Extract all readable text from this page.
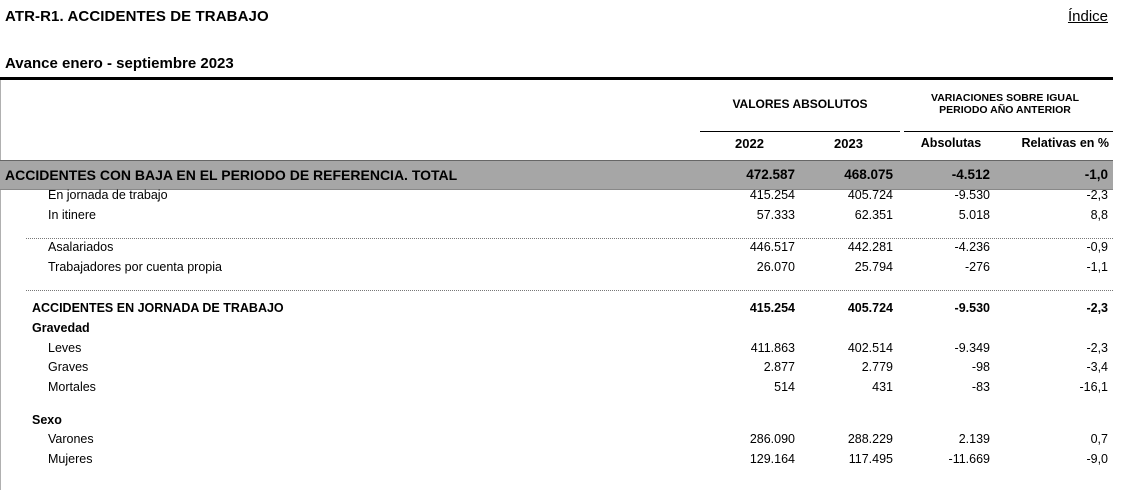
ATR-R1. ACCIDENTES DE TRABAJO	Índice
Avance enero - septiembre 2023
VALORES ABSOLUTOS	VARIACIONES SOBRE IGUAL
PERIODO AÑO ANTERIOR
2022	2023	Absolutas	Relativas en %
ACCIDENTES CON BAJA EN EL PERIODO DE REFERENCIA. TOTAL	472.587	468.075	-4.512	-1,0
En jornada de trabajo	415.254	405.724	-9.530	-2,3
In itinere	57.333	62.351	5.018	8,8
Asalariados	446.517	442.281	-4.236	-0,9
Trabajadores por cuenta propia	26.070	25.794	-276	-1,1
ACCIDENTES EN JORNADA DE TRABAJO	415.254	405.724	-9.530	-2,3
Gravedad
Leves	411.863	402.514	-9.349	-2,3
Graves	2.877	2.779	-98	-3,4
Mortales	514	431	-83	-16,1
Sexo
Varones	286.090	288.229	2.139	0,7
Mujeres	129.164	117.495	-11.669	-9,0
